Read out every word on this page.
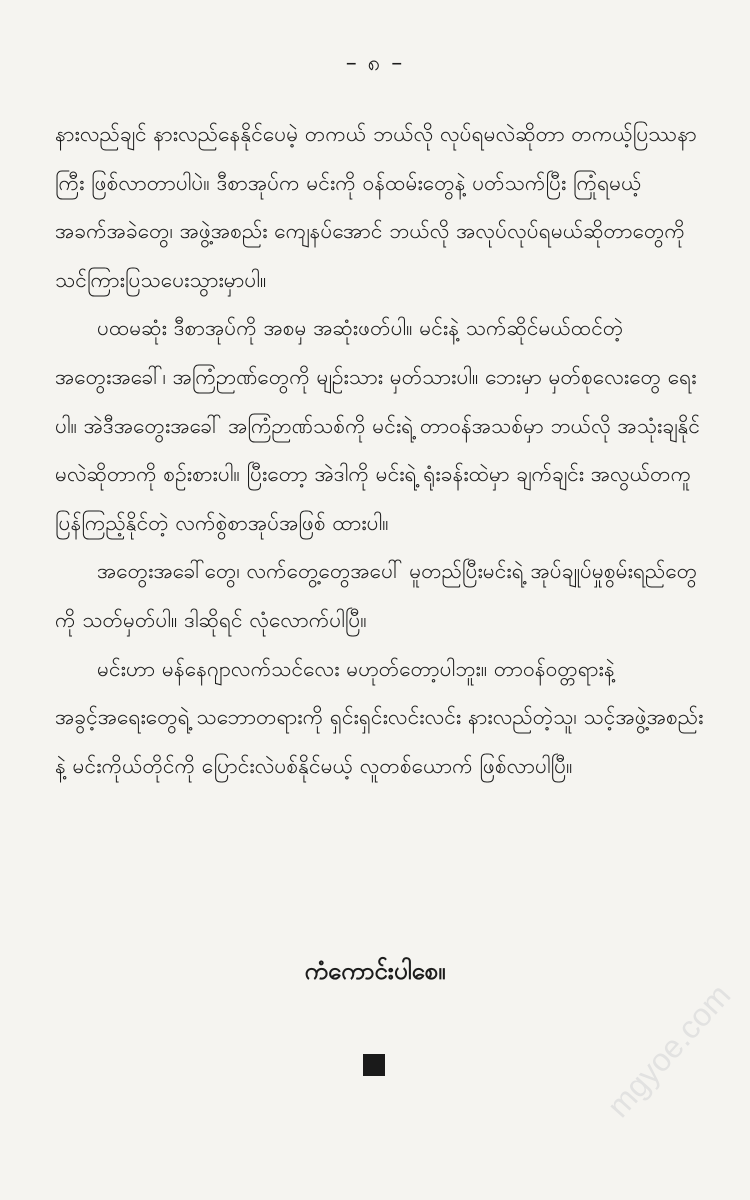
– ၈ –

နားလည်ချင် နားလည်နေနိုင်ပေမဲ့ တကယ် ဘယ်လို လုပ်ရမလဲဆိုတာ တကယ့်ပြဿနာကြီး ဖြစ်လာတာပါပဲ။ ဒီစာအုပ်က မင်းကို ဝန်ထမ်းတွေနဲ့ ပတ်သက်ပြီး ကြုံရမယ့်အခက်အခဲတွေ၊ အဖွဲ့အစည်း ကျေနပ်အောင် ဘယ်လို အလုပ်လုပ်ရမယ်ဆိုတာတွေကို သင်ကြားပြသပေးသွားမှာပါ။

ပထမဆုံး ဒီစာအုပ်ကို အစမှ အဆုံးဖတ်ပါ။ မင်းနဲ့ သက်ဆိုင်မယ်ထင်တဲ့ အတွေးအခေါ်၊ အကြံဉာဏ်တွေကို မျဉ်းသား မှတ်သားပါ။ ဘေးမှာ မှတ်စုလေးတွေ ရေးပါ။ အဲဒီအတွေးအခေါ် အကြံဉာဏ်သစ်ကို မင်းရဲ့ တာဝန်အသစ်မှာ ဘယ်လို အသုံးချနိုင်မလဲဆိုတာကို စဉ်းစားပါ။ ပြီးတော့ အဲဒါကို မင်းရဲ့ ရုံးခန်းထဲမှာ ချက်ချင်း အလွယ်တကူ ပြန်ကြည့်နိုင်တဲ့ လက်စွဲစာအုပ်အဖြစ် ထားပါ။

အတွေးအခေါ်တွေ၊ လက်တွေ့တွေအပေါ် မူတည်ပြီးမင်းရဲ့ အုပ်ချုပ်မှုစွမ်းရည်တွေကို သတ်မှတ်ပါ။ ဒါဆိုရင် လုံလောက်ပါပြီ။

မင်းဟာ မန်နေဂျာလက်သင်လေး မဟုတ်တော့ပါဘူး။ တာဝန်ဝတ္တရားနဲ့ အခွင့်အရေးတွေရဲ့ သဘောတရားကို ရှင်းရှင်းလင်းလင်း နားလည်တဲ့သူ၊ သင့်အဖွဲ့အစည်းနဲ့ မင်းကိုယ်တိုင်ကို ပြောင်းလဲပစ်နိုင်မယ့် လူတစ်ယောက် ဖြစ်လာပါပြီ။

ကံကောင်းပါစေ။
mgyoe.com
